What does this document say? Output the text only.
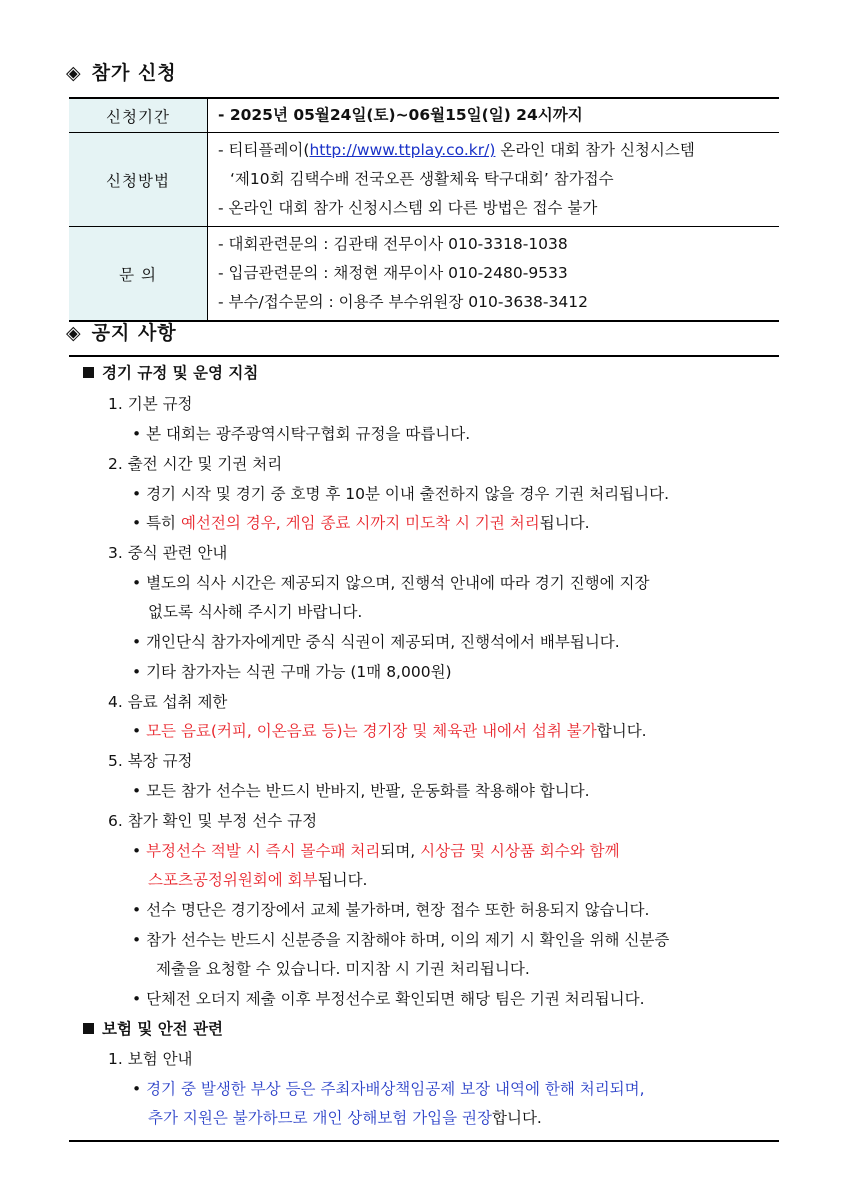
◈ 참가 신청
신청기간	- 2025년 05월24일(토)~06월15일(일) 24시까지
신청방법	- 티티플레이(http://www.ttplay.co.kr/) 온라인 대회 참가 신청시스템
‘제10회 김택수배 전국오픈 생활체육 탁구대회’ 참가접수
- 온라인 대회 참가 신청시스템 외 다른 방법은 접수 불가

문 의	- 대회관련문의 : 김관태 전무이사 010-3318-1038
- 입금관련문의 : 채정현 재무이사 010-2480-9533
- 부수/접수문의 : 이용주 부수위원장 010-3638-3412
◈ 공지 사항
경기 규정 및 운영 지침
1. 기본 규정
• 본 대회는 광주광역시탁구협회 규정을 따릅니다.
2. 출전 시간 및 기권 처리
• 경기 시작 및 경기 중 호명 후 10분 이내 출전하지 않을 경우 기권 처리됩니다.
• 특히 예선전의 경우, 게임 종료 시까지 미도착 시 기권 처리됩니다.
3. 중식 관련 안내
• 별도의 식사 시간은 제공되지 않으며, 진행석 안내에 따라 경기 진행에 지장
없도록 식사해 주시기 바랍니다.
• 개인단식 참가자에게만 중식 식권이 제공되며, 진행석에서 배부됩니다.
• 기타 참가자는 식권 구매 가능 (1매 8,000원)
4. 음료 섭취 제한
• 모든 음료(커피, 이온음료 등)는 경기장 및 체육관 내에서 섭취 불가합니다.
5. 복장 규정
• 모든 참가 선수는 반드시 반바지, 반팔, 운동화를 착용해야 합니다.
6. 참가 확인 및 부정 선수 규정
• 부정선수 적발 시 즉시 몰수패 처리되며, 시상금 및 시상품 회수와 함께
스포츠공정위원회에 회부됩니다.
• 선수 명단은 경기장에서 교체 불가하며, 현장 접수 또한 허용되지 않습니다.
• 참가 선수는 반드시 신분증을 지참해야 하며, 이의 제기 시 확인을 위해 신분증
제출을 요청할 수 있습니다. 미지참 시 기권 처리됩니다.
• 단체전 오더지 제출 이후 부정선수로 확인되면 해당 팀은 기권 처리됩니다.
보험 및 안전 관련
1. 보험 안내
• 경기 중 발생한 부상 등은 주최자배상책임공제 보장 내역에 한해 처리되며,
추가 지원은 불가하므로 개인 상해보험 가입을 권장합니다.
